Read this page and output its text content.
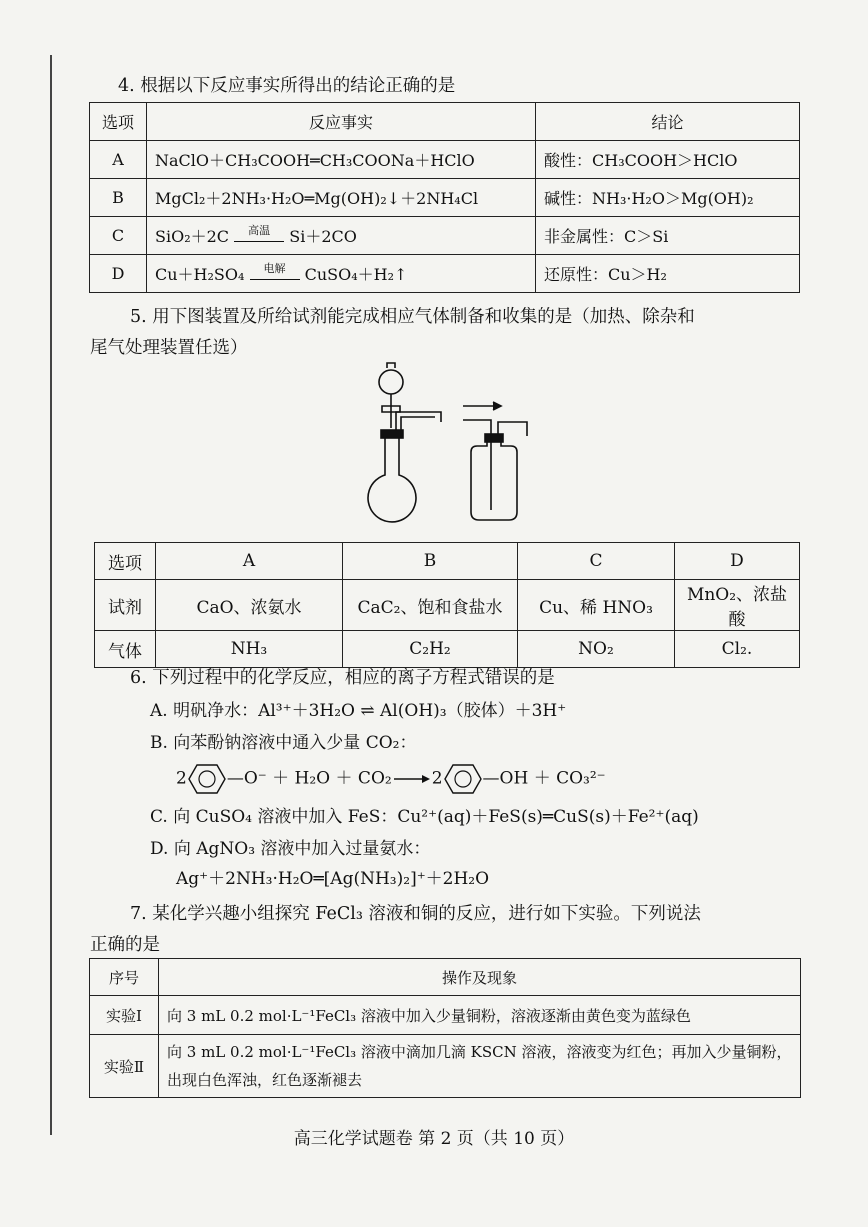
4. 根据以下反应事实所得出的结论正确的是
选项	反应事实	结论
A	NaClO＋CH₃COOH═CH₃COONa＋HClO	酸性：CH₃COOH＞HClO
B	MgCl₂＋2NH₃·H₂O═Mg(OH)₂↓＋2NH₄Cl	碱性：NH₃·H₂O＞Mg(OH)₂
C	SiO₂＋2C 高温 Si＋2CO	非金属性：C＞Si
D	Cu＋H₂SO₄ 电解 CuSO₄＋H₂↑	还原性：Cu＞H₂
5. 用下图装置及所给试剂能完成相应气体制备和收集的是（加热、除杂和
尾气处理装置任选）
选项	A	B	C	D
试剂	CaO、浓氨水	CaC₂、饱和食盐水	Cu、稀 HNO₃	MnO₂、浓盐酸
气体	NH₃	C₂H₂	NO₂	Cl₂.
6. 下列过程中的化学反应，相应的离子方程式错误的是
A. 明矾净水：Al³⁺＋3H₂O ⇌ Al(OH)₃（胶体）＋3H⁺
B. 向苯酚钠溶液中通入少量 CO₂：
2 —O⁻ ＋ H₂O ＋ CO₂ 2 —OH ＋ CO₃²⁻
C. 向 CuSO₄ 溶液中加入 FeS：Cu²⁺(aq)＋FeS(s)═CuS(s)＋Fe²⁺(aq)
D. 向 AgNO₃ 溶液中加入过量氨水：
Ag⁺＋2NH₃·H₂O═[Ag(NH₃)₂]⁺＋2H₂O
7. 某化学兴趣小组探究 FeCl₃ 溶液和铜的反应，进行如下实验。下列说法
正确的是
序号	操作及现象
实验Ⅰ	向 3 mL 0.2 mol·L⁻¹FeCl₃ 溶液中加入少量铜粉，溶液逐渐由黄色变为蓝绿色
实验Ⅱ	向 3 mL 0.2 mol·L⁻¹FeCl₃ 溶液中滴加几滴 KSCN 溶液，溶液变为红色；再加入少量铜粉，出现白色浑浊，红色逐渐褪去
高三化学试题卷 第 2 页（共 10 页）
